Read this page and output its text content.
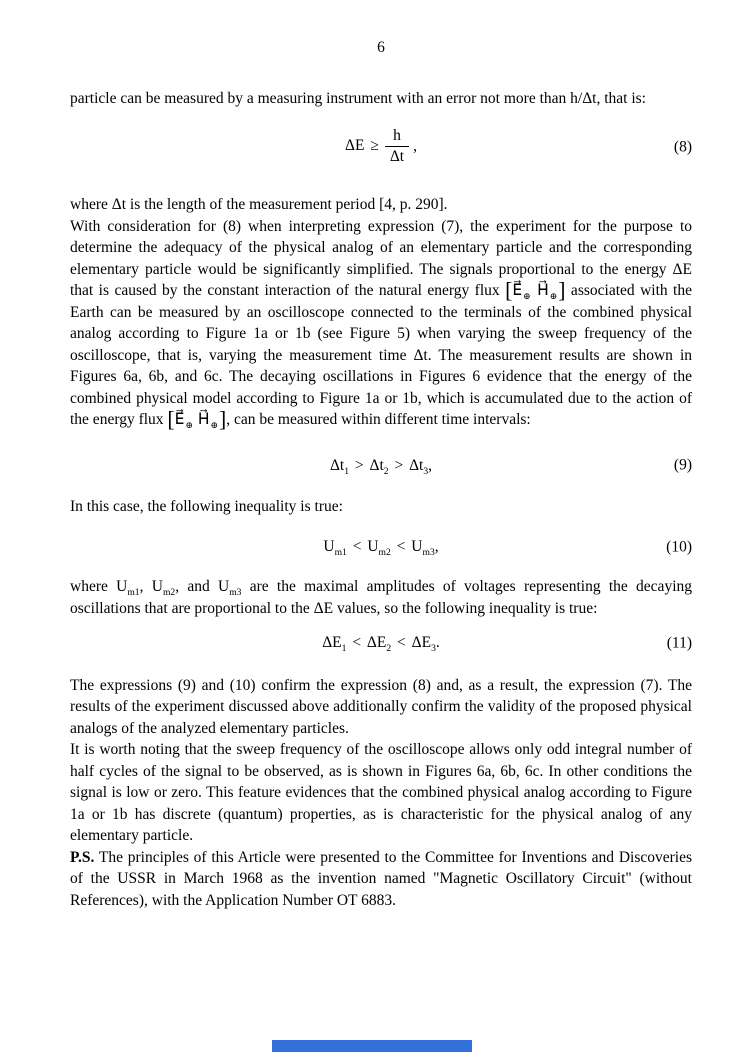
6

particle can be measured by a measuring instrument with an error not more than h/Δt, that is:

$\Delta E \ge \frac{h}{\Delta t}$ ,	(8)

where Δt is the length of the measurement period [4, p. 290].

With consideration for (8) when interpreting expression (7), the experiment for the purpose to determine the adequacy of the physical analog of an elementary particle and the corresponding elementary particle would be significantly simplified. The signals proportional to the energy ΔE that is caused by the constant interaction of the natural energy flux [$E⃗_\oplus$ $H⃗_\oplus$] associated with the Earth can be measured by an oscilloscope connected to the terminals of the combined physical analog according to Figure 1a or 1b (see Figure 5) when varying the sweep frequency of the oscilloscope, that is, varying the measurement time Δt. The measurement results are shown in Figures 6a, 6b, and 6c. The decaying oscillations in Figures 6 evidence that the energy of the combined physical model according to Figure 1a or 1b, which is accumulated due to the action of the energy flux [$E⃗_\oplus$ $H⃗_\oplus$], can be measured within different time intervals:

$\Delta t_1 > \Delta t_2 > \Delta t_3$,	(9)

In this case, the following inequality is true:

$U_{m1} < U_{m2} < U_{m3}$,	(10)

where $U_{m1}$, $U_{m2}$, and $U_{m3}$ are the maximal amplitudes of voltages representing the decaying oscillations that are proportional to the ΔE values, so the following inequality is true:

$\Delta E_1 < \Delta E_2 < \Delta E_3$.	(11)

The expressions (9) and (10) confirm the expression (8) and, as a result, the expression (7). The results of the experiment discussed above additionally confirm the validity of the proposed physical analogs of the analyzed elementary particles.

It is worth noting that the sweep frequency of the oscilloscope allows only odd integral number of half cycles of the signal to be observed, as is shown in Figures 6a, 6b, 6c. In other conditions the signal is low or zero. This feature evidences that the combined physical analog according to Figure 1a or 1b has discrete (quantum) properties, as is characteristic for the physical analog of any elementary particle.

P.S. The principles of this Article were presented to the Committee for Inventions and Discoveries of the USSR in March 1968 as the invention named "Magnetic Oscillatory Circuit" (without References), with the Application Number OT 6883.
